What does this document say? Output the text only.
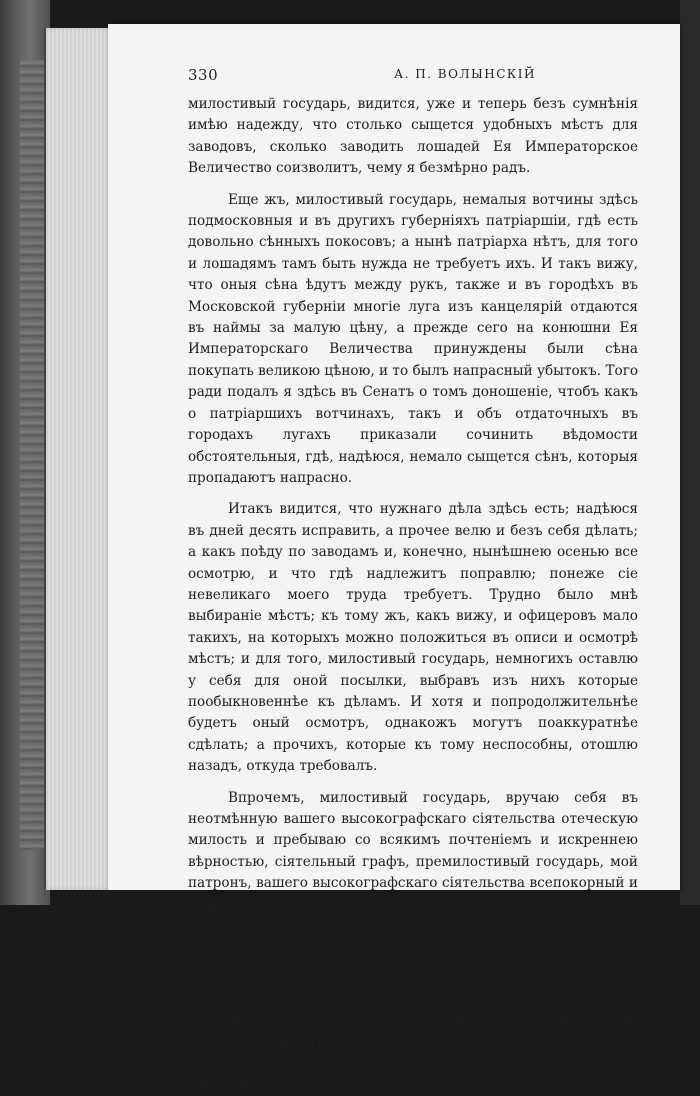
330	А. П. ВОЛЫНСКІЙ

милостивый государь, видится, уже и теперь безъ сумнѣнія имѣю надежду, что столько сыщется удобныхъ мѣстъ для заводовъ, сколько заводить лошадей Ея Императорское Величество соизволитъ, чему я безмѣрно радъ.

Еще жъ, милостивый государь, немалыя вотчины здѣсь подмосковныя и въ другихъ губерніяхъ патріаршіи, гдѣ есть довольно сѣнныхъ покосовъ; а нынѣ патріарха нѣтъ, для того и лошадямъ тамъ быть нужда не требуетъ ихъ. И такъ вижу, что оныя сѣна ѣдутъ между рукъ, также и въ городѣхъ въ Московской губерніи многіе луга изъ канцелярій отдаются въ наймы за малую цѣну, а прежде сего на конюшни Ея Императорскаго Величества принуждены были сѣна покупать великою цѣною, и то былъ напрасный убытокъ. Того ради подалъ я здѣсь въ Сенатъ о томъ доношеніе, чтобъ какъ о патріаршихъ вотчинахъ, такъ и объ отдаточныхъ въ городахъ лугахъ приказали сочинить вѣдомости обстоятельныя, гдѣ, надѣюся, немало сыщется сѣнъ, которыя пропадаютъ напрасно.

Итакъ видится, что нужнаго дѣла здѣсь есть; надѣюся въ дней десять исправить, а прочее велю и безъ себя дѣлать; а какъ поѣду по заводамъ и, конечно, нынѣшнею осенью все осмотрю, и что гдѣ надлежитъ поправлю; понеже сіе невеликаго моего труда требуетъ. Трудно было мнѣ выбираніе мѣстъ; къ тому жъ, какъ вижу, и офицеровъ мало такихъ, на которыхъ можно положиться въ описи и осмотрѣ мѣстъ; и для того, милостивый государь, немногихъ оставлю у себя для оной посылки, выбравъ изъ нихъ которые пообыкновеннѣе къ дѣламъ. И хотя и попродолжительнѣе будетъ оный осмотръ, однакожъ могутъ поаккуратнѣе сдѣлать; а прочихъ, которые къ тому неспособны, отошлю назадъ, откуда требовалъ.

Впрочемъ, милостивый государь, вручаю себя въ неотмѣнную вашего высокографскаго сіятельства отеческую милость и пребываю со всякимъ почтеніемъ и искреннею вѣрностью, сіятельный графъ, премилостивый государь, мой патронъ, вашего высокографскаго сіятельства всепокорный и нижайшій слуга Артемій Волынскій.

Изъ Москвы, Сентября 13 дня 1732 года.
2.

Сіятельный графъ, превосходительный господинъ, господинъ оберъкамергеръ и кавалеръ, премилостивый государь, мой патронъ.

Всепокорно вашему высокографскому сіятельству милостивому го-
